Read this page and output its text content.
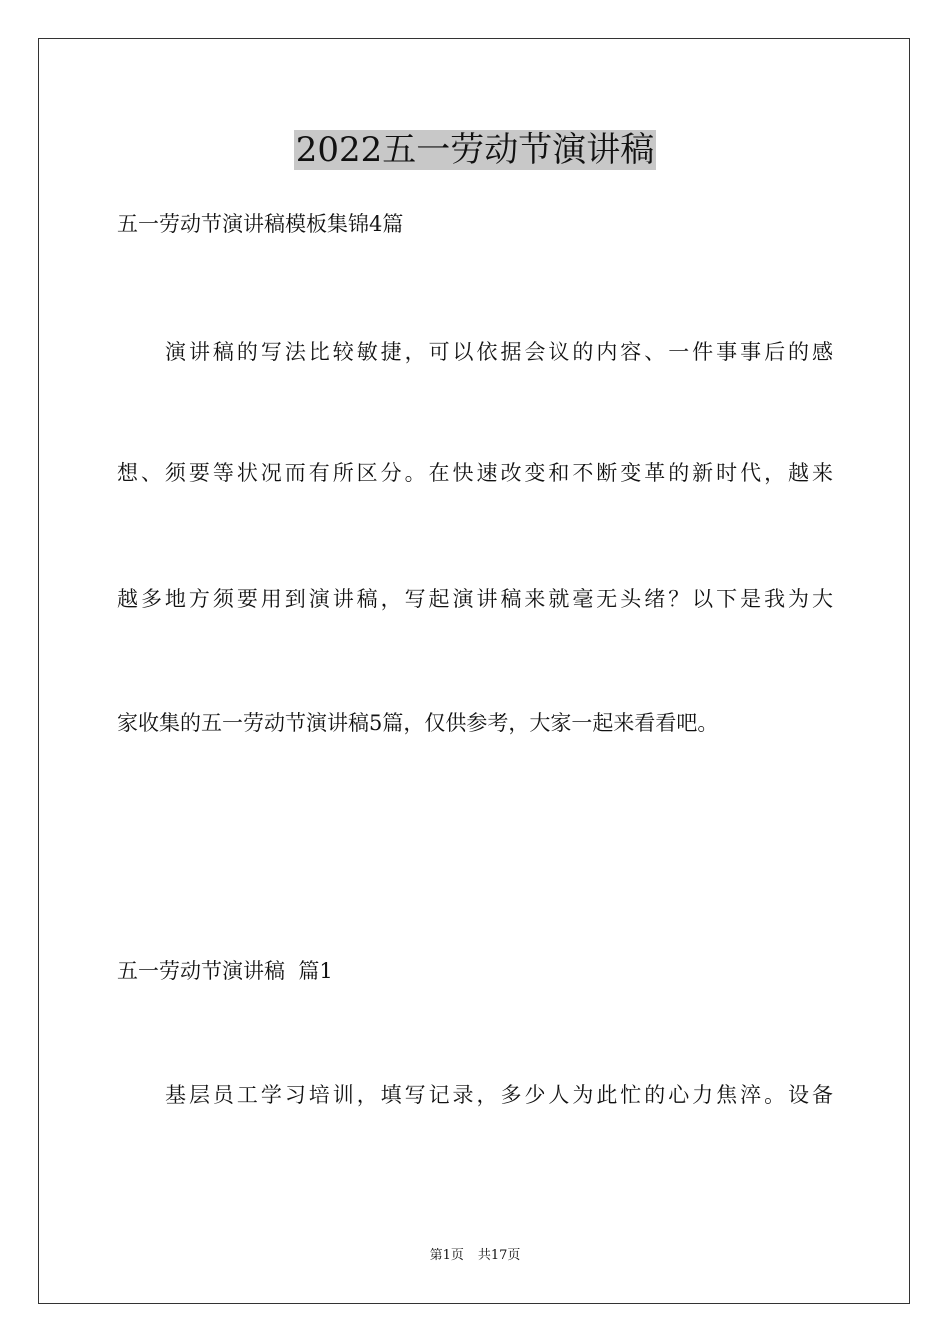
2022五一劳动节演讲稿

五一劳动节演讲稿模板集锦4篇

演讲稿的写法比较敏捷，可以依据会议的内容、一件事事后的感

想、须要等状况而有所区分。在快速改变和不断变革的新时代，越来

越多地方须要用到演讲稿，写起演讲稿来就毫无头绪？以下是我为大

家收集的五一劳动节演讲稿5篇，仅供参考，大家一起来看看吧。

五一劳动节演讲稿  篇1

基层员工学习培训，填写记录，多少人为此忙的心力焦淬。设备

第1页 共17页
